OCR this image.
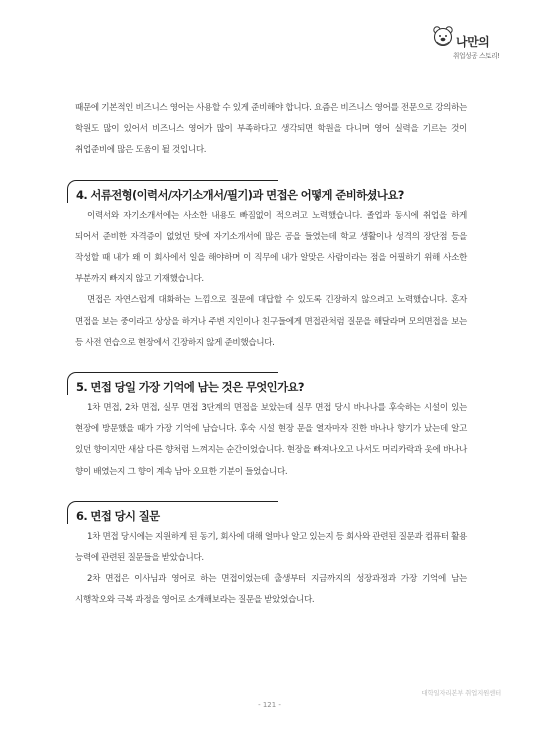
나만의
취업성공 스토리!

때문에 기본적인 비즈니스 영어는 사용할 수 있게 준비해야 합니다. 요즘은 비즈니스 영어를 전문으로 강의하는 학원도 많이 있어서 비즈니스 영어가 많이 부족하다고 생각되면 학원을 다니며 영어 실력을 기르는 것이 취업준비에 많은 도움이 될 것입니다.

4. 서류전형(이력서/자기소개서/필기)과 면접은 어떻게 준비하셨나요?

이력서와 자기소개서에는 사소한 내용도 빠짐없이 적으려고 노력했습니다. 졸업과 동시에 취업을 하게 되어서 준비한 자격증이 없었던 탓에 자기소개서에 많은 공을 들였는데 학교 생활이나 성격의 장단점 등을 작성할 때 내가 왜 이 회사에서 일을 해야하며 이 직무에 내가 알맞은 사람이라는 점을 어필하기 위해 사소한 부분까지 빠지지 않고 기재했습니다.

면접은 자연스럽게 대화하는 느낌으로 질문에 대답할 수 있도록 긴장하지 않으려고 노력했습니다. 혼자 면접을 보는 중이라고 상상을 하거나 주변 지인이나 친구들에게 면접관처럼 질문을 해달라며 모의면접을 보는 등 사전 연습으로 현장에서 긴장하지 않게 준비했습니다.

5. 면접 당일 가장 기억에 남는 것은 무엇인가요?

1차 면접, 2차 면접, 실무 면접 3단계의 면접을 보았는데 실무 면접 당시 바나나를 후숙하는 시설이 있는 현장에 방문했을 때가 가장 기억에 남습니다. 후숙 시설 현장 문을 열자마자 진한 바나나 향기가 났는데 알고 있던 향이지만 새삼 다른 향처럼 느껴지는 순간이었습니다. 현장을 빠져나오고 나서도 머리카락과 옷에 바나나 향이 배였는지 그 향이 계속 남아 오묘한 기분이 들었습니다.

6. 면접 당시 질문

1차 면접 당시에는 지원하게 된 동기, 회사에 대해 얼마나 알고 있는지 등 회사와 관련된 질문과 컴퓨터 활용 능력에 관련된 질문들을 받았습니다.

2차 면접은 이사님과 영어로 하는 면접이었는데 출생부터 지금까지의 성장과정과 가장 기억에 남는 시행착오와 극복 과정을 영어로 소개해보라는 질문을 받았었습니다.

대학일자리본부 취업지원센터
- 121 -
